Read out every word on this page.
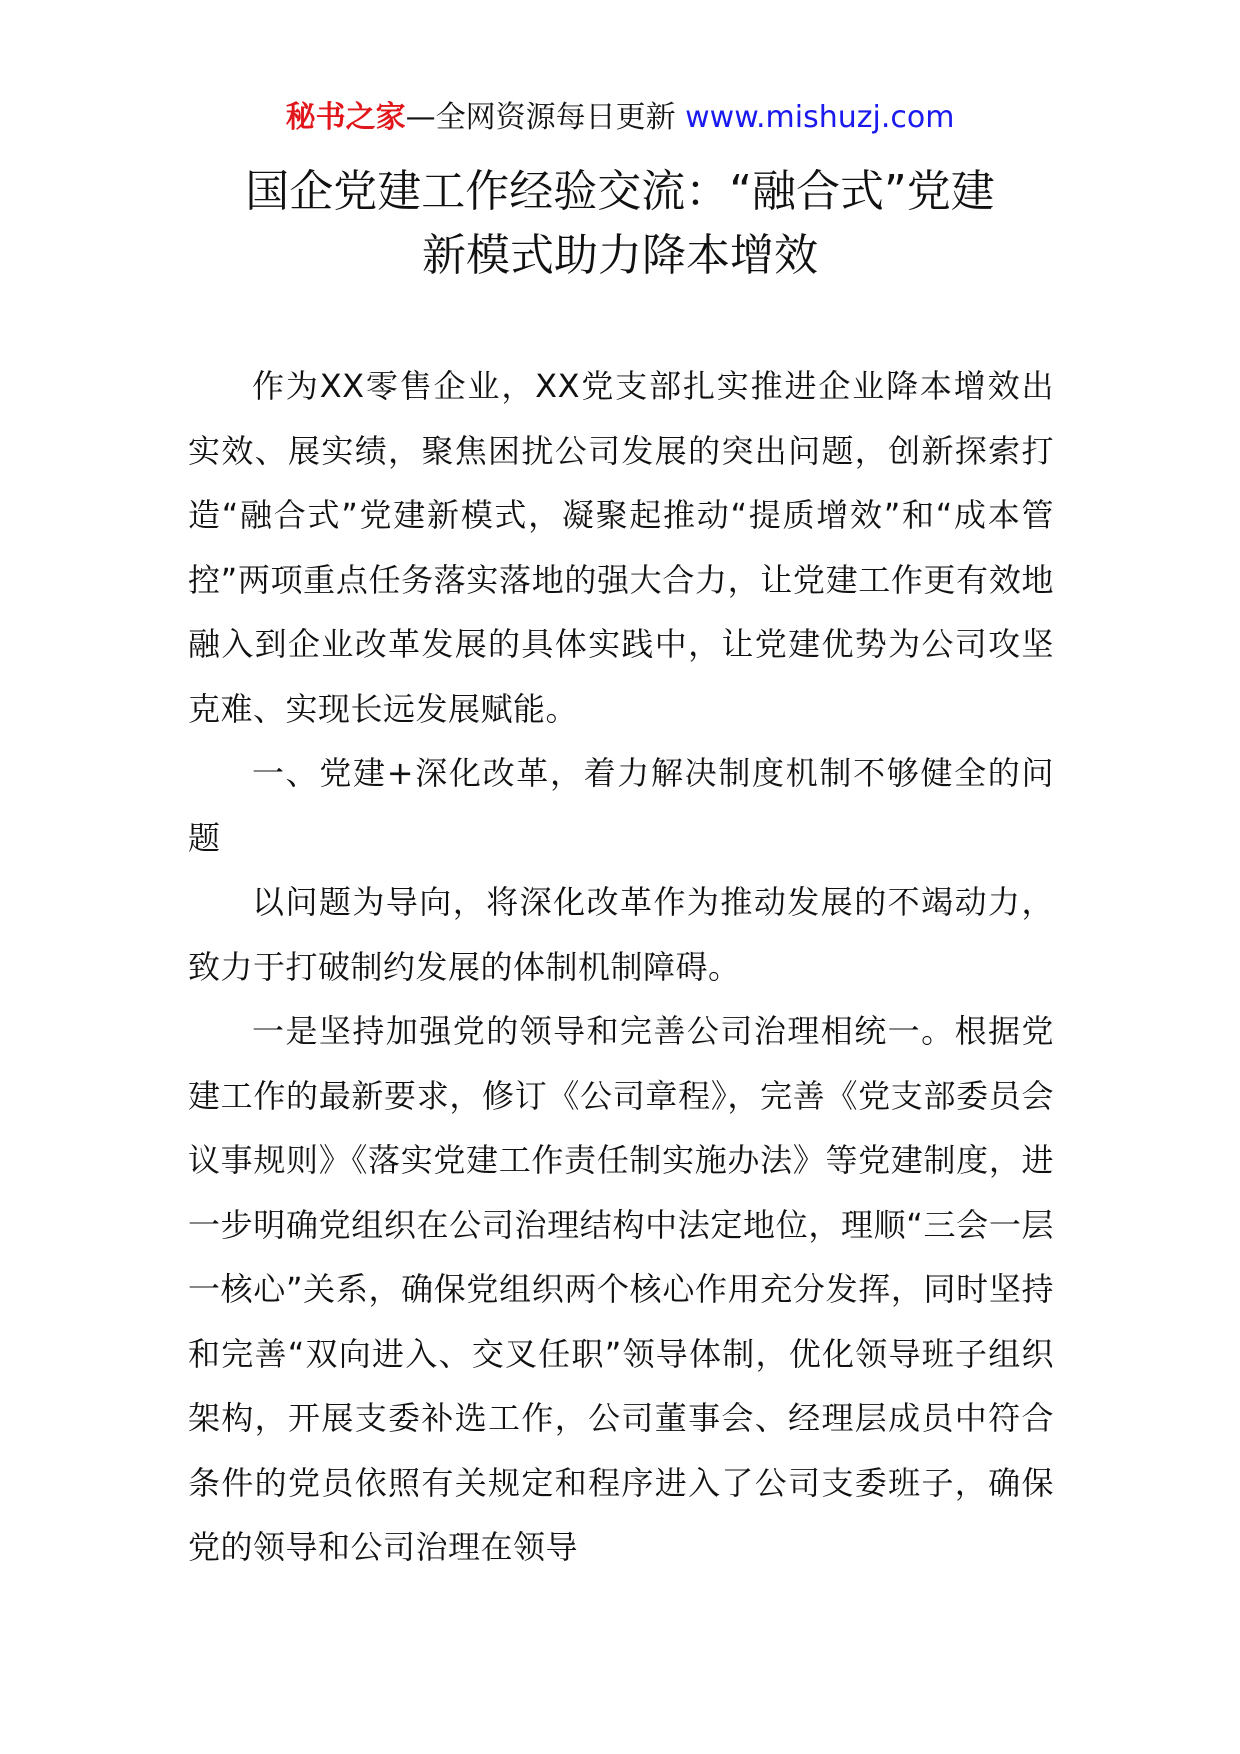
秘书之家—全网资源每日更新 www.mishuzj.com
国企党建工作经验交流：“融合式”党建
新模式助力降本增效

作为XX零售企业，XX党支部扎实推进企业降本增效出实效、展实绩，聚焦困扰公司发展的突出问题，创新探索打造“融合式”党建新模式，凝聚起推动“提质增效”和“成本管控”两项重点任务落实落地的强大合力，让党建工作更有效地融入到企业改革发展的具体实践中，让党建优势为公司攻坚克难、实现长远发展赋能。

一、党建+深化改革，着力解决制度机制不够健全的问题

以问题为导向，将深化改革作为推动发展的不竭动力，致力于打破制约发展的体制机制障碍。

一是坚持加强党的领导和完善公司治理相统一。根据党建工作的最新要求，修订《公司章程》，完善《党支部委员会议事规则》《落实党建工作责任制实施办法》等党建制度，进一步明确党组织在公司治理结构中法定地位，理顺“三会一层一核心”关系，确保党组织两个核心作用充分发挥，同时坚持和完善“双向进入、交叉任职”领导体制，优化领导班子组织架构，开展支委补选工作，公司董事会、经理层成员中符合条件的党员依照有关规定和程序进入了公司支委班子，确保党的领导和公司治理在领导
